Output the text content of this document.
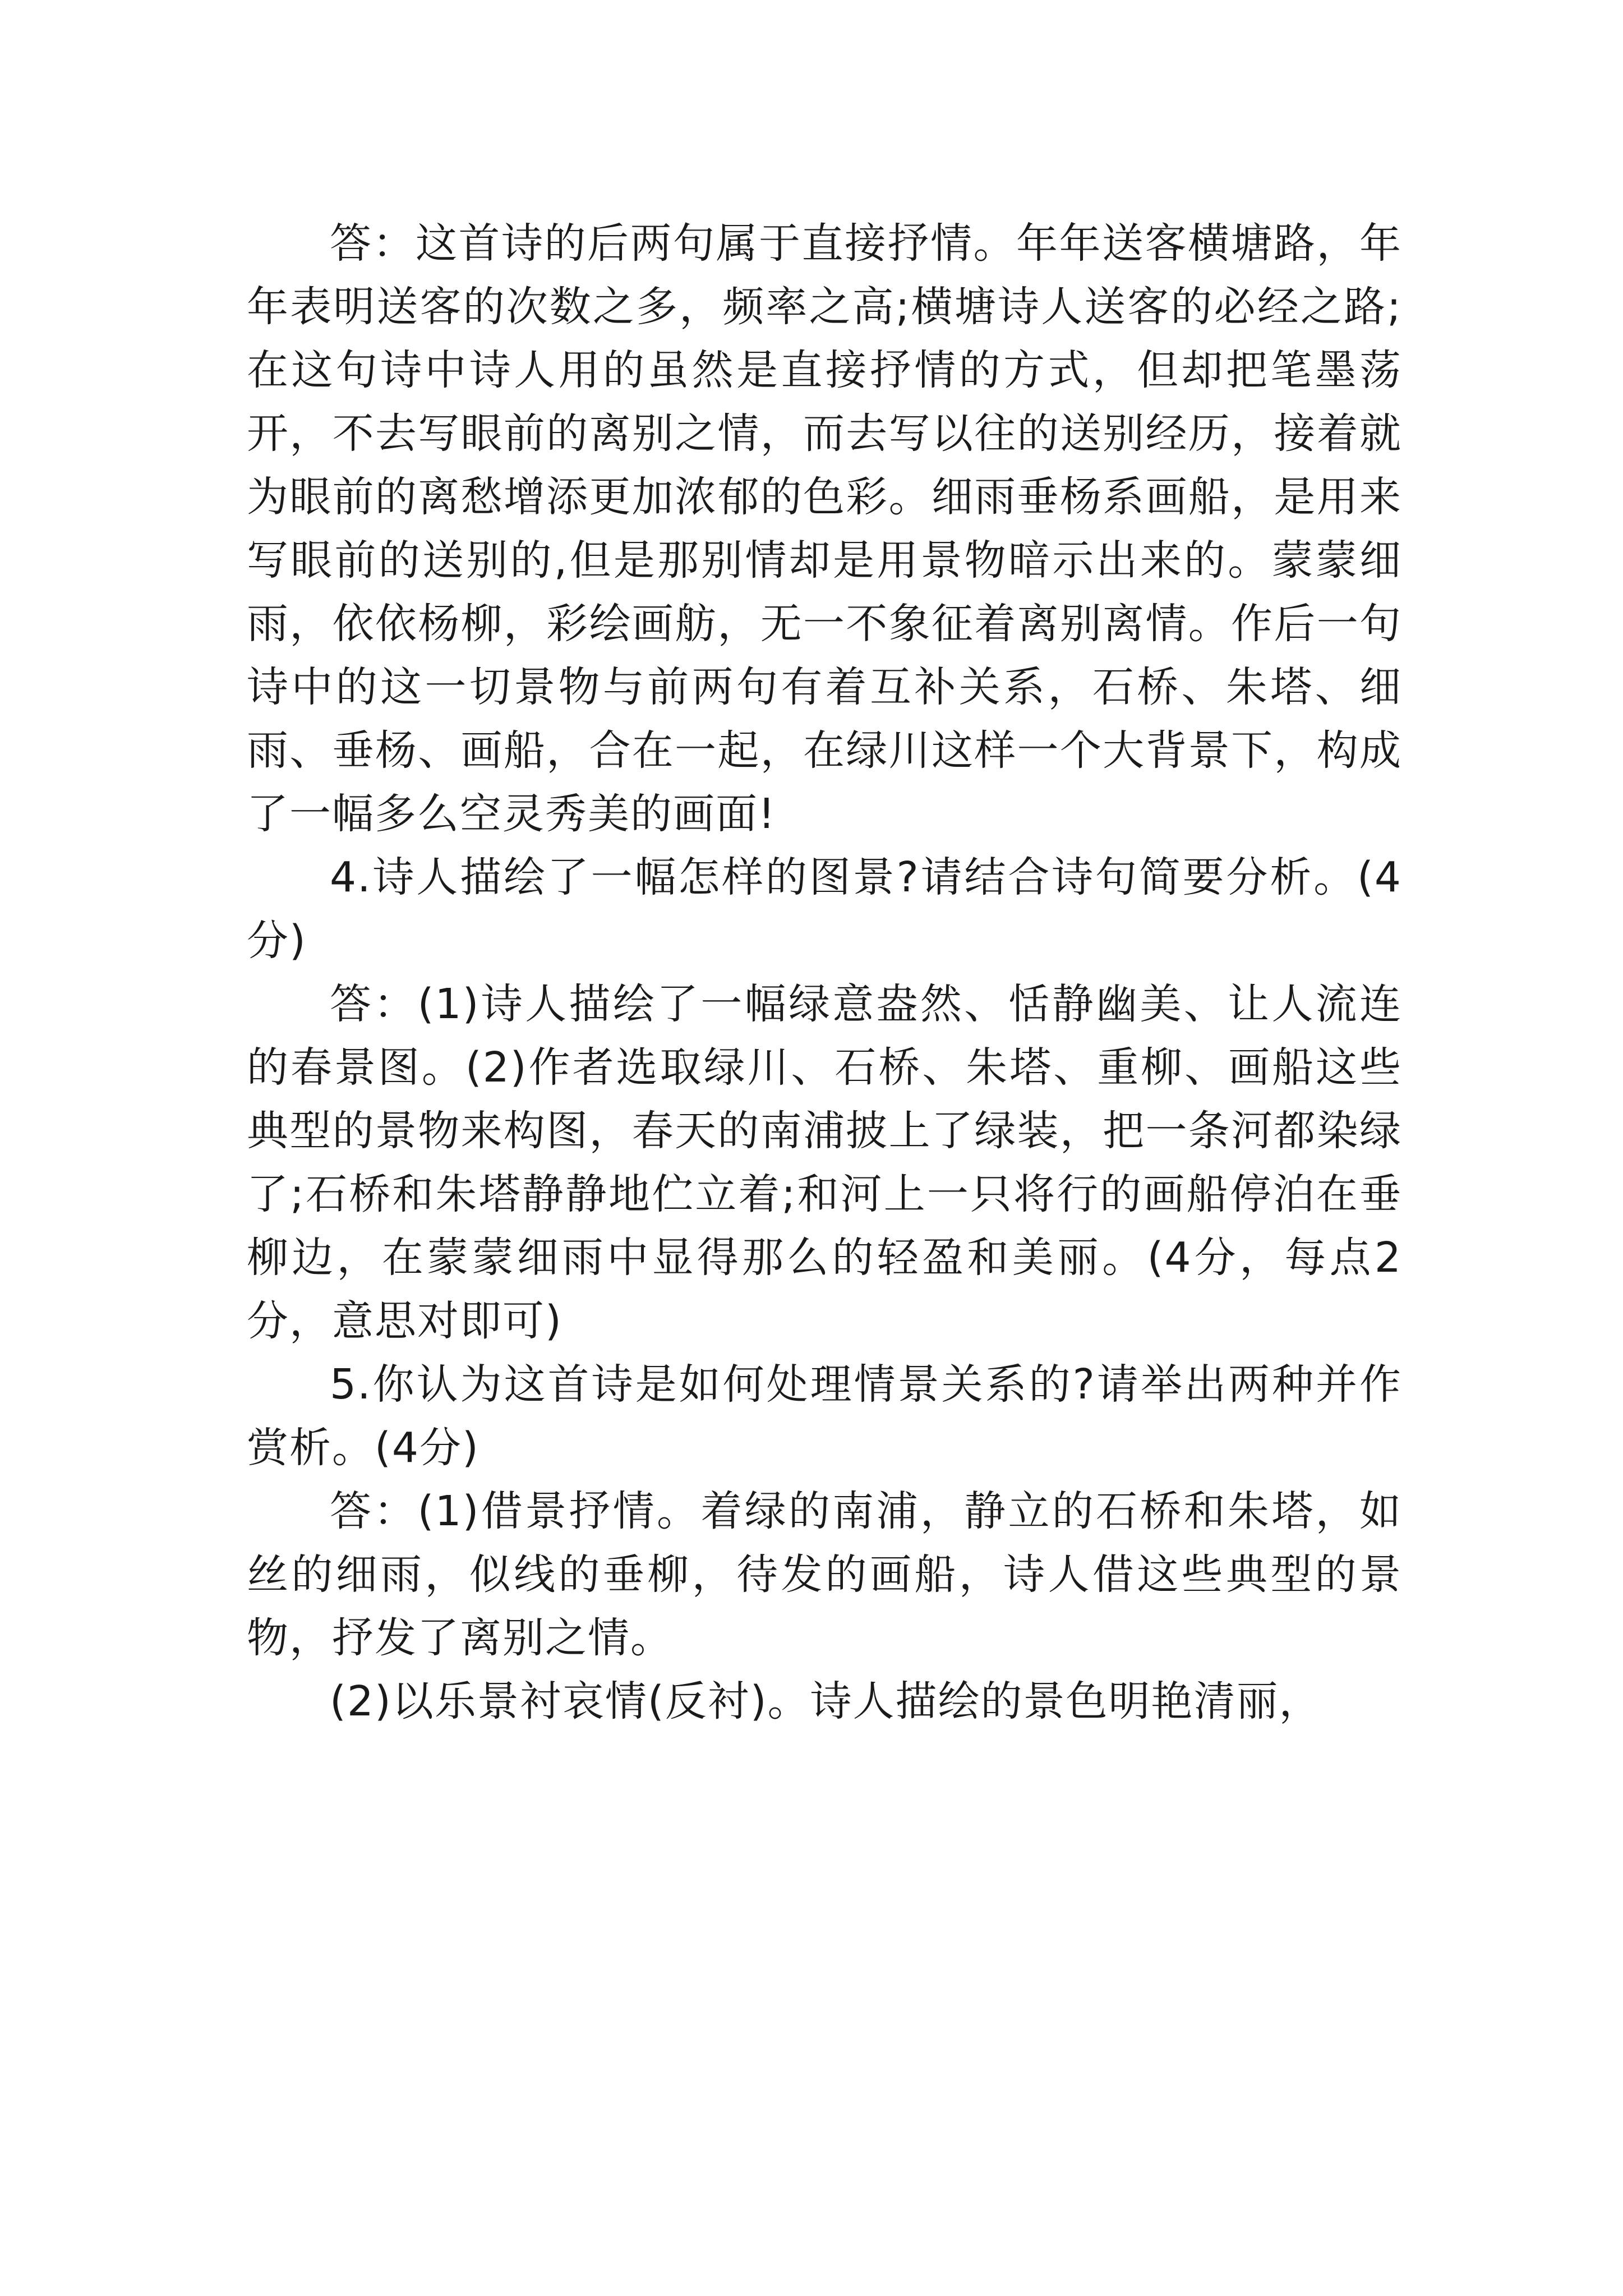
答：这首诗的后两句属于直接抒情。年年送客横塘路，年年表明送客的次数之多，频率之高;横塘诗人送客的必经之路;在这句诗中诗人用的虽然是直接抒情的方式，但却把笔墨荡开，不去写眼前的离别之情，而去写以往的送别经历，接着就为眼前的离愁增添更加浓郁的色彩。细雨垂杨系画船，是用来写眼前的送别的,但是那别情却是用景物暗示出来的。蒙蒙细雨，依依杨柳，彩绘画舫，无一不象征着离别离情。作后一句诗中的这一切景物与前两句有着互补关系，石桥、朱塔、细雨、垂杨、画船，合在一起，在绿川这样一个大背景下，构成了一幅多么空灵秀美的画面!

4.诗人描绘了一幅怎样的图景?请结合诗句简要分析。(4分)

答：(1)诗人描绘了一幅绿意盎然、恬静幽美、让人流连的春景图。(2)作者选取绿川、石桥、朱塔、重柳、画船这些典型的景物来构图，春天的南浦披上了绿装，把一条河都染绿了;石桥和朱塔静静地伫立着;和河上一只将行的画船停泊在垂柳边，在蒙蒙细雨中显得那么的轻盈和美丽。(4分，每点2分，意思对即可)

5.你认为这首诗是如何处理情景关系的?请举出两种并作赏析。(4分)

答：(1)借景抒情。着绿的南浦，静立的石桥和朱塔，如丝的细雨，似线的垂柳，待发的画船，诗人借这些典型的景物，抒发了离别之情。

(2)以乐景衬哀情(反衬)。诗人描绘的景色明艳清丽，
